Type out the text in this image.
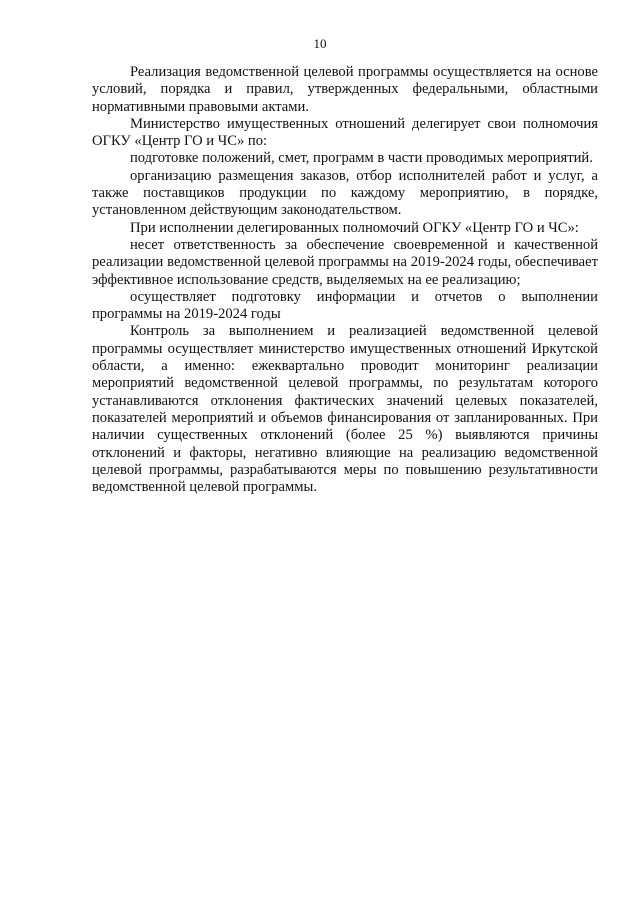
10

Реализация ведомственной целевой программы осуществляется на основе условий, порядка и правил, утвержденных федеральными, областными нормативными правовыми актами.

Министерство имущественных отношений делегирует свои полномочия ОГКУ «Центр ГО и ЧС» по:

подготовке положений, смет, программ в части проводимых мероприятий.

организацию размещения заказов, отбор исполнителей работ и услуг, а также поставщиков продукции по каждому мероприятию, в порядке, установленном действующим законодательством.

При исполнении делегированных полномочий ОГКУ «Центр ГО и ЧС»:

несет ответственность за обеспечение своевременной и качественной реализации ведомственной целевой программы на 2019-2024 годы, обеспечивает эффективное использование средств, выделяемых на ее реализацию;

осуществляет подготовку информации и отчетов о выполнении программы на 2019-2024 годы

Контроль за выполнением и реализацией ведомственной целевой программы осуществляет министерство имущественных отношений Иркутской области, а именно: ежеквартально проводит мониторинг реализации мероприятий ведомственной целевой программы, по результатам которого устанавливаются отклонения фактических значений целевых показателей, показателей мероприятий и объемов финансирования от запланированных. При наличии существенных отклонений (более 25 %) выявляются причины отклонений и факторы, негативно влияющие на реализацию ведомственной целевой программы, разрабатываются меры по повышению результативности ведомственной целевой программы.
